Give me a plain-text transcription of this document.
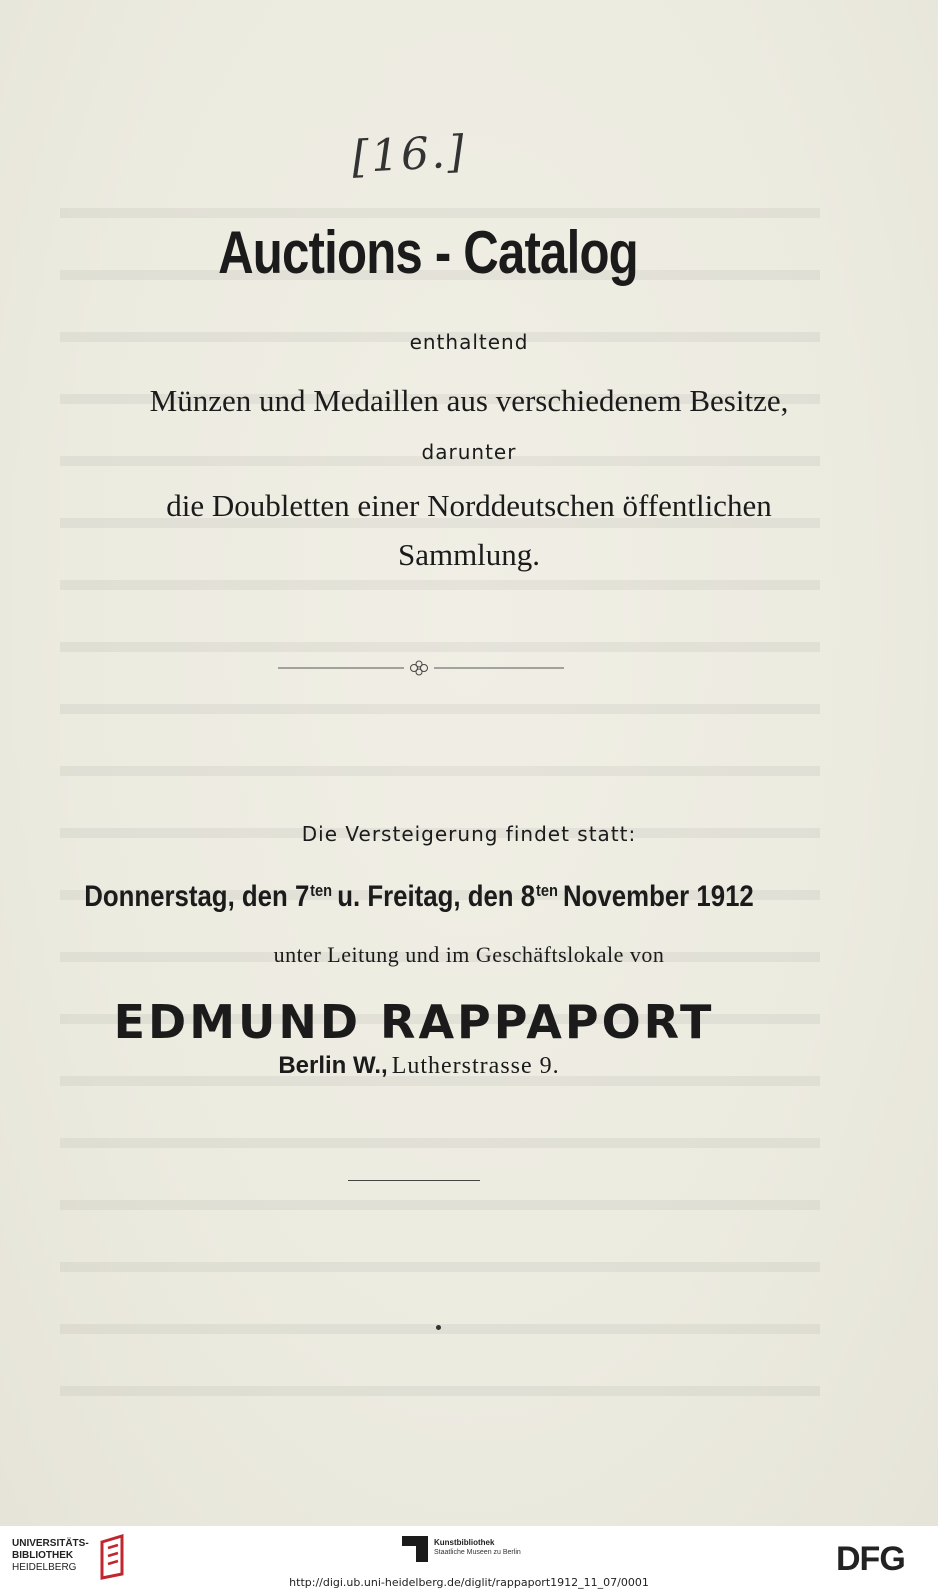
[16.]
Auctions - Catalog
enthaltend
Münzen und Medaillen aus verschiedenem Besitze,
darunter
die Doubletten einer Norddeutschen öffentlichen
Sammlung.
Die Versteigerung findet statt:
Donnerstag, den $7^{ten}$ u. Freitag, den $8^{ten}$ November 1912
unter Leitung und im Geschäftslokale von
EDMUND RAPPAPORT
Berlin W., Lutherstrasse 9.
UNIVERSITÄTS-
BIBLIOTHEK
HEIDELBERG
Kunstbibliothek
Staatliche Museen zu Berlin	DFG
http://digi.ub.uni-heidelberg.de/diglit/rappaport1912_11_07/0001
